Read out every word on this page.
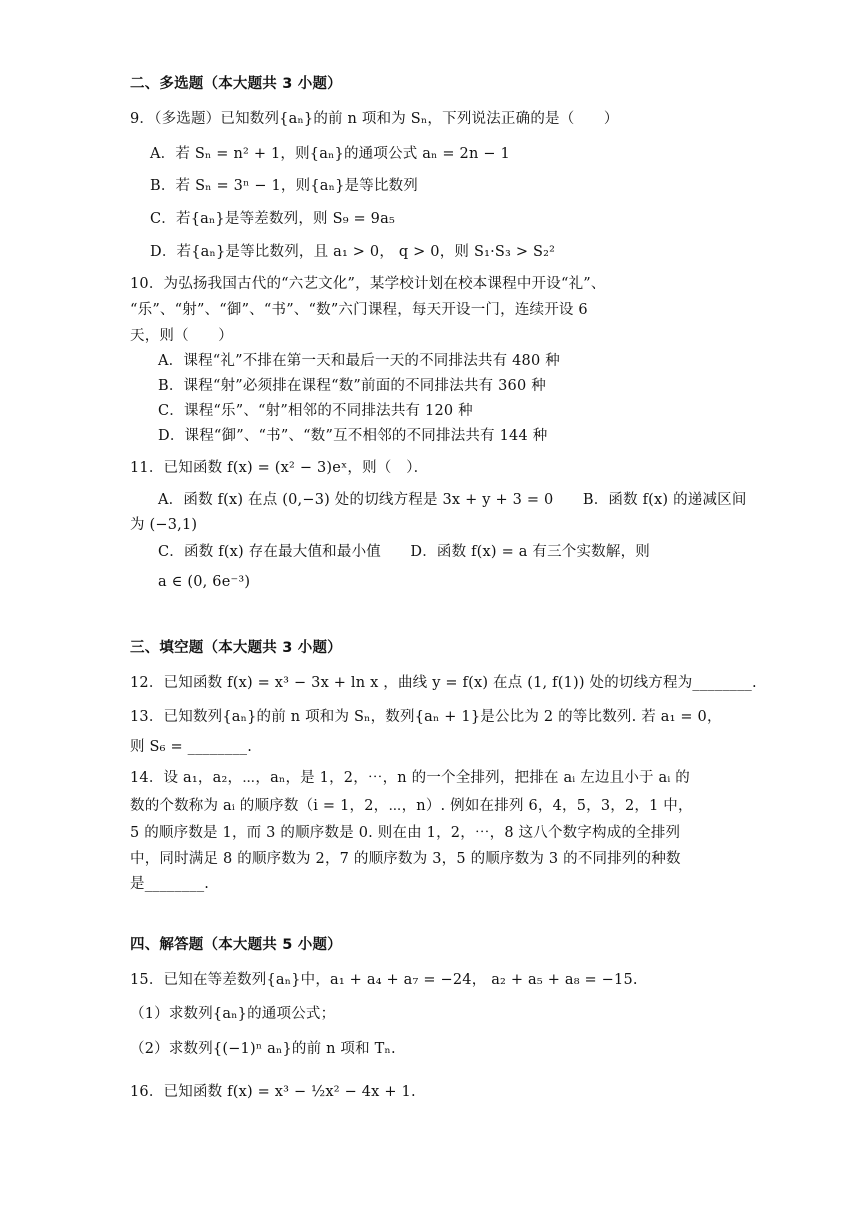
二、多选题（本大题共 3 小题）
9．（多选题）已知数列{aₙ}的前 n 项和为 Sₙ，下列说法正确的是（　　）
A．若 Sₙ = n² + 1，则{aₙ}的通项公式 aₙ = 2n − 1
B．若 Sₙ = 3ⁿ − 1，则{aₙ}是等比数列
C．若{aₙ}是等差数列，则 S₉ = 9a₅
D．若{aₙ}是等比数列，且 a₁ > 0， q > 0，则 S₁·S₃ > S₂²
10．为弘扬我国古代的“六艺文化”，某学校计划在校本课程中开设“礼”、
“乐”、“射”、“御”、“书”、“数”六门课程，每天开设一门，连续开设 6
天，则（　　）
A．课程“礼”不排在第一天和最后一天的不同排法共有 480 种
B．课程“射”必须排在课程“数”前面的不同排法共有 360 种
C．课程“乐”、“射”相邻的不同排法共有 120 种
D．课程“御”、“书”、“数”互不相邻的不同排法共有 144 种
11．已知函数 f(x) = (x² − 3)eˣ，则（　）．
A．函数 f(x) 在点 (0,−3) 处的切线方程是 3x + y + 3 = 0　　B．函数 f(x) 的递减区间
为 (−3,1)
C．函数 f(x) 存在最大值和最小值　　D．函数 f(x) = a 有三个实数解，则
a ∈ (0, 6e⁻³)
三、填空题（本大题共 3 小题）
12．已知函数 f(x) = x³ − 3x + ln x ，曲线 y = f(x) 在点 (1, f(1)) 处的切线方程为________.
13．已知数列{aₙ}的前 n 项和为 Sₙ，数列{aₙ + 1}是公比为 2 的等比数列. 若 a₁ = 0，
则 S₆ = ________.
14．设 a₁，a₂，⋯，aₙ，是 1，2，⋯，n 的一个全排列，把排在 aᵢ 左边且小于 aᵢ 的
数的个数称为 aᵢ 的顺序数（i = 1，2，⋯，n）. 例如在排列 6，4，5，3，2，1 中，
5 的顺序数是 1，而 3 的顺序数是 0. 则在由 1，2，⋯，8 这八个数字构成的全排列
中，同时满足 8 的顺序数为 2，7 的顺序数为 3，5 的顺序数为 3 的不同排列的种数
是________.
四、解答题（本大题共 5 小题）
15．已知在等差数列{aₙ}中，a₁ + a₄ + a₇ = −24， a₂ + a₅ + a₈ = −15.
（1）求数列{aₙ}的通项公式；
（2）求数列{(−1)ⁿ aₙ}的前 n 项和 Tₙ.
16．已知函数 f(x) = x³ − ½x² − 4x + 1.
